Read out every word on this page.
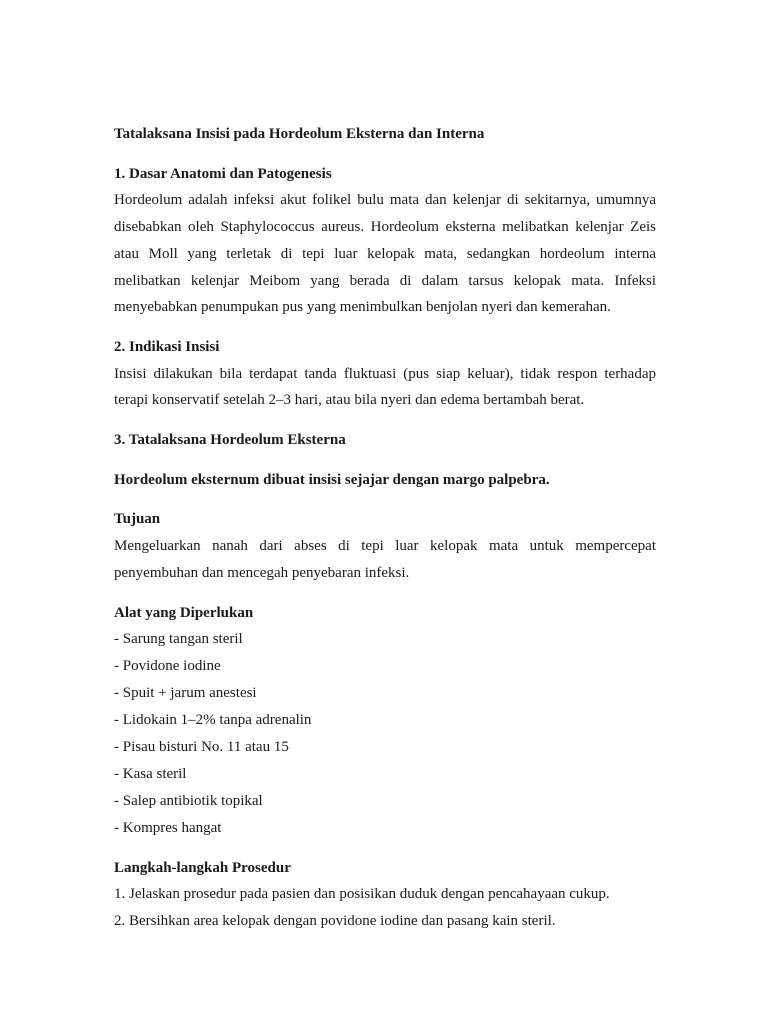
Tatalaksana Insisi pada Hordeolum Eksterna dan Interna

1. Dasar Anatomi dan Patogenesis

Hordeolum adalah infeksi akut folikel bulu mata dan kelenjar di sekitarnya, umumnya disebabkan oleh Staphylococcus aureus. Hordeolum eksterna melibatkan kelenjar Zeis atau Moll yang terletak di tepi luar kelopak mata, sedangkan hordeolum interna melibatkan kelenjar Meibom yang berada di dalam tarsus kelopak mata. Infeksi menyebabkan penumpukan pus yang menimbulkan benjolan nyeri dan kemerahan.

2. Indikasi Insisi

Insisi dilakukan bila terdapat tanda fluktuasi (pus siap keluar), tidak respon terhadap terapi konservatif setelah 2–3 hari, atau bila nyeri dan edema bertambah berat.

3. Tatalaksana Hordeolum Eksterna

Hordeolum eksternum dibuat insisi sejajar dengan margo palpebra.

Tujuan

Mengeluarkan nanah dari abses di tepi luar kelopak mata untuk mempercepat penyembuhan dan mencegah penyebaran infeksi.

Alat yang Diperlukan

- Sarung tangan steril
- Povidone iodine
- Spuit + jarum anestesi
- Lidokain 1–2% tanpa adrenalin
- Pisau bisturi No. 11 atau 15
- Kasa steril
- Salep antibiotik topikal
- Kompres hangat

Langkah-langkah Prosedur

1. Jelaskan prosedur pada pasien dan posisikan duduk dengan pencahayaan cukup.
2. Bersihkan area kelopak dengan povidone iodine dan pasang kain steril.
